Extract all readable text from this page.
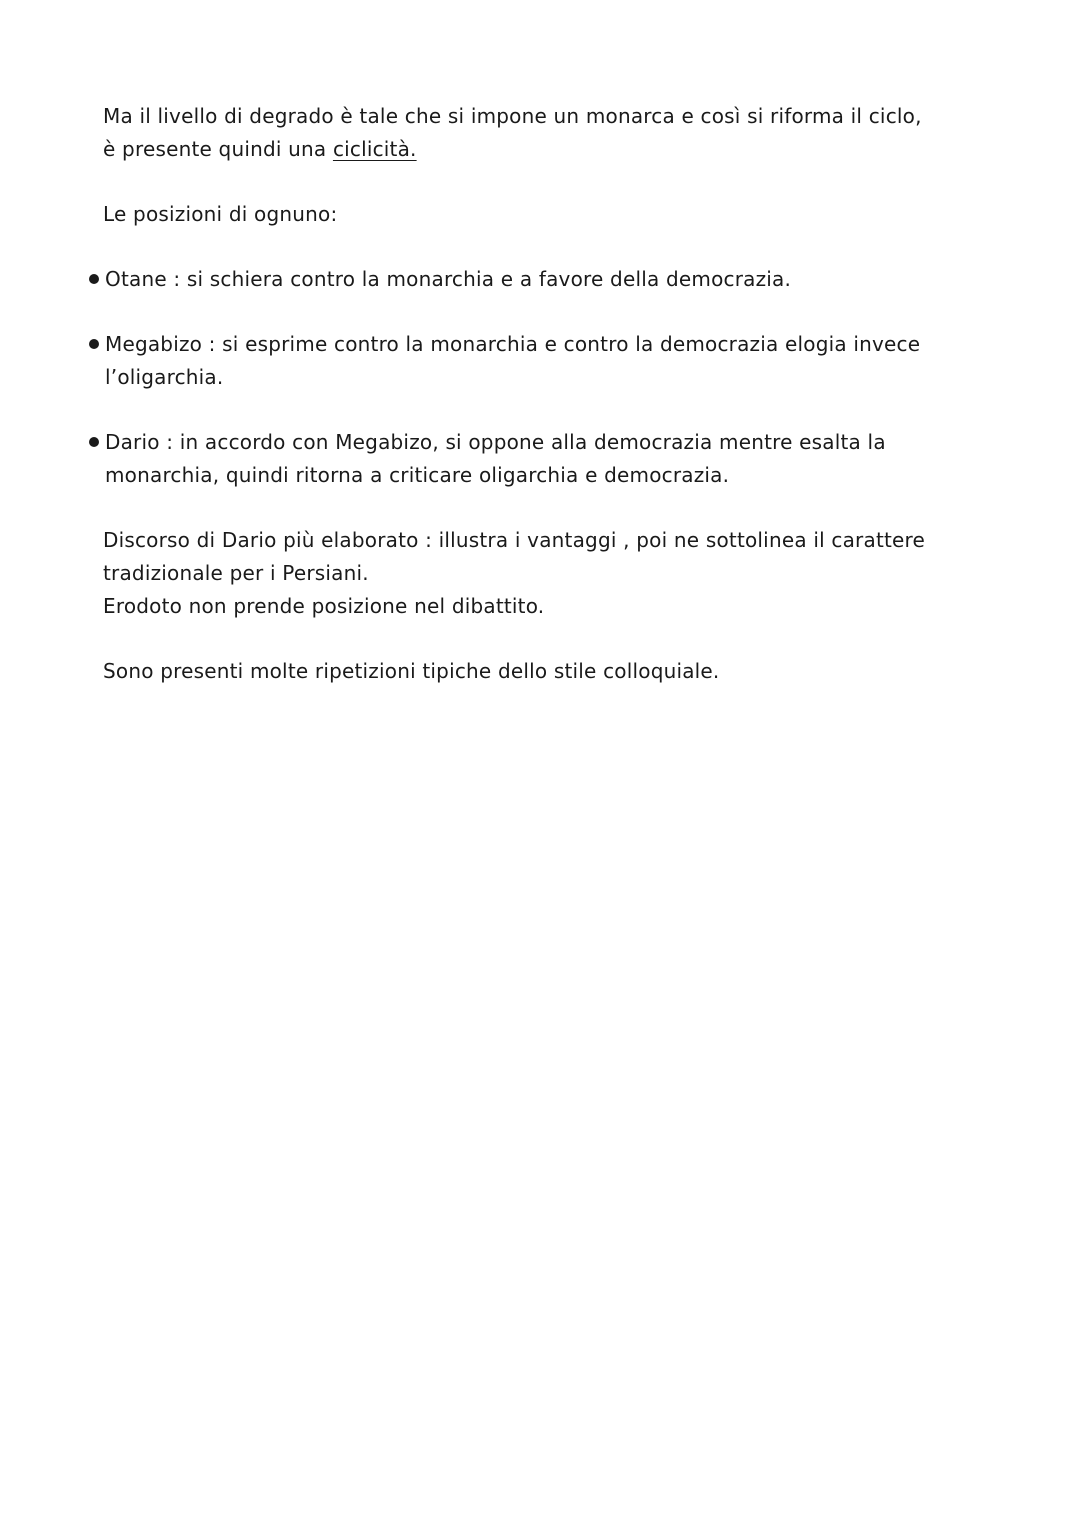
Ma il livello di degrado è tale che si impone un monarca e così si riforma il ciclo, è presente quindi una ciclicità.

Le posizioni di ognuno:

Otane : si schiera contro la monarchia e a favore della democrazia.
Megabizo : si esprime contro la monarchia e contro la democrazia elogia invece l’oligarchia.
Dario : in accordo con Megabizo, si oppone alla democrazia mentre esalta la monarchia, quindi ritorna a criticare oligarchia e democrazia.

Discorso di Dario più elaborato : illustra i vantaggi , poi ne sottolinea il carattere tradizionale per i Persiani.

Erodoto non prende posizione nel dibattito.

Sono presenti molte ripetizioni tipiche dello stile colloquiale.
